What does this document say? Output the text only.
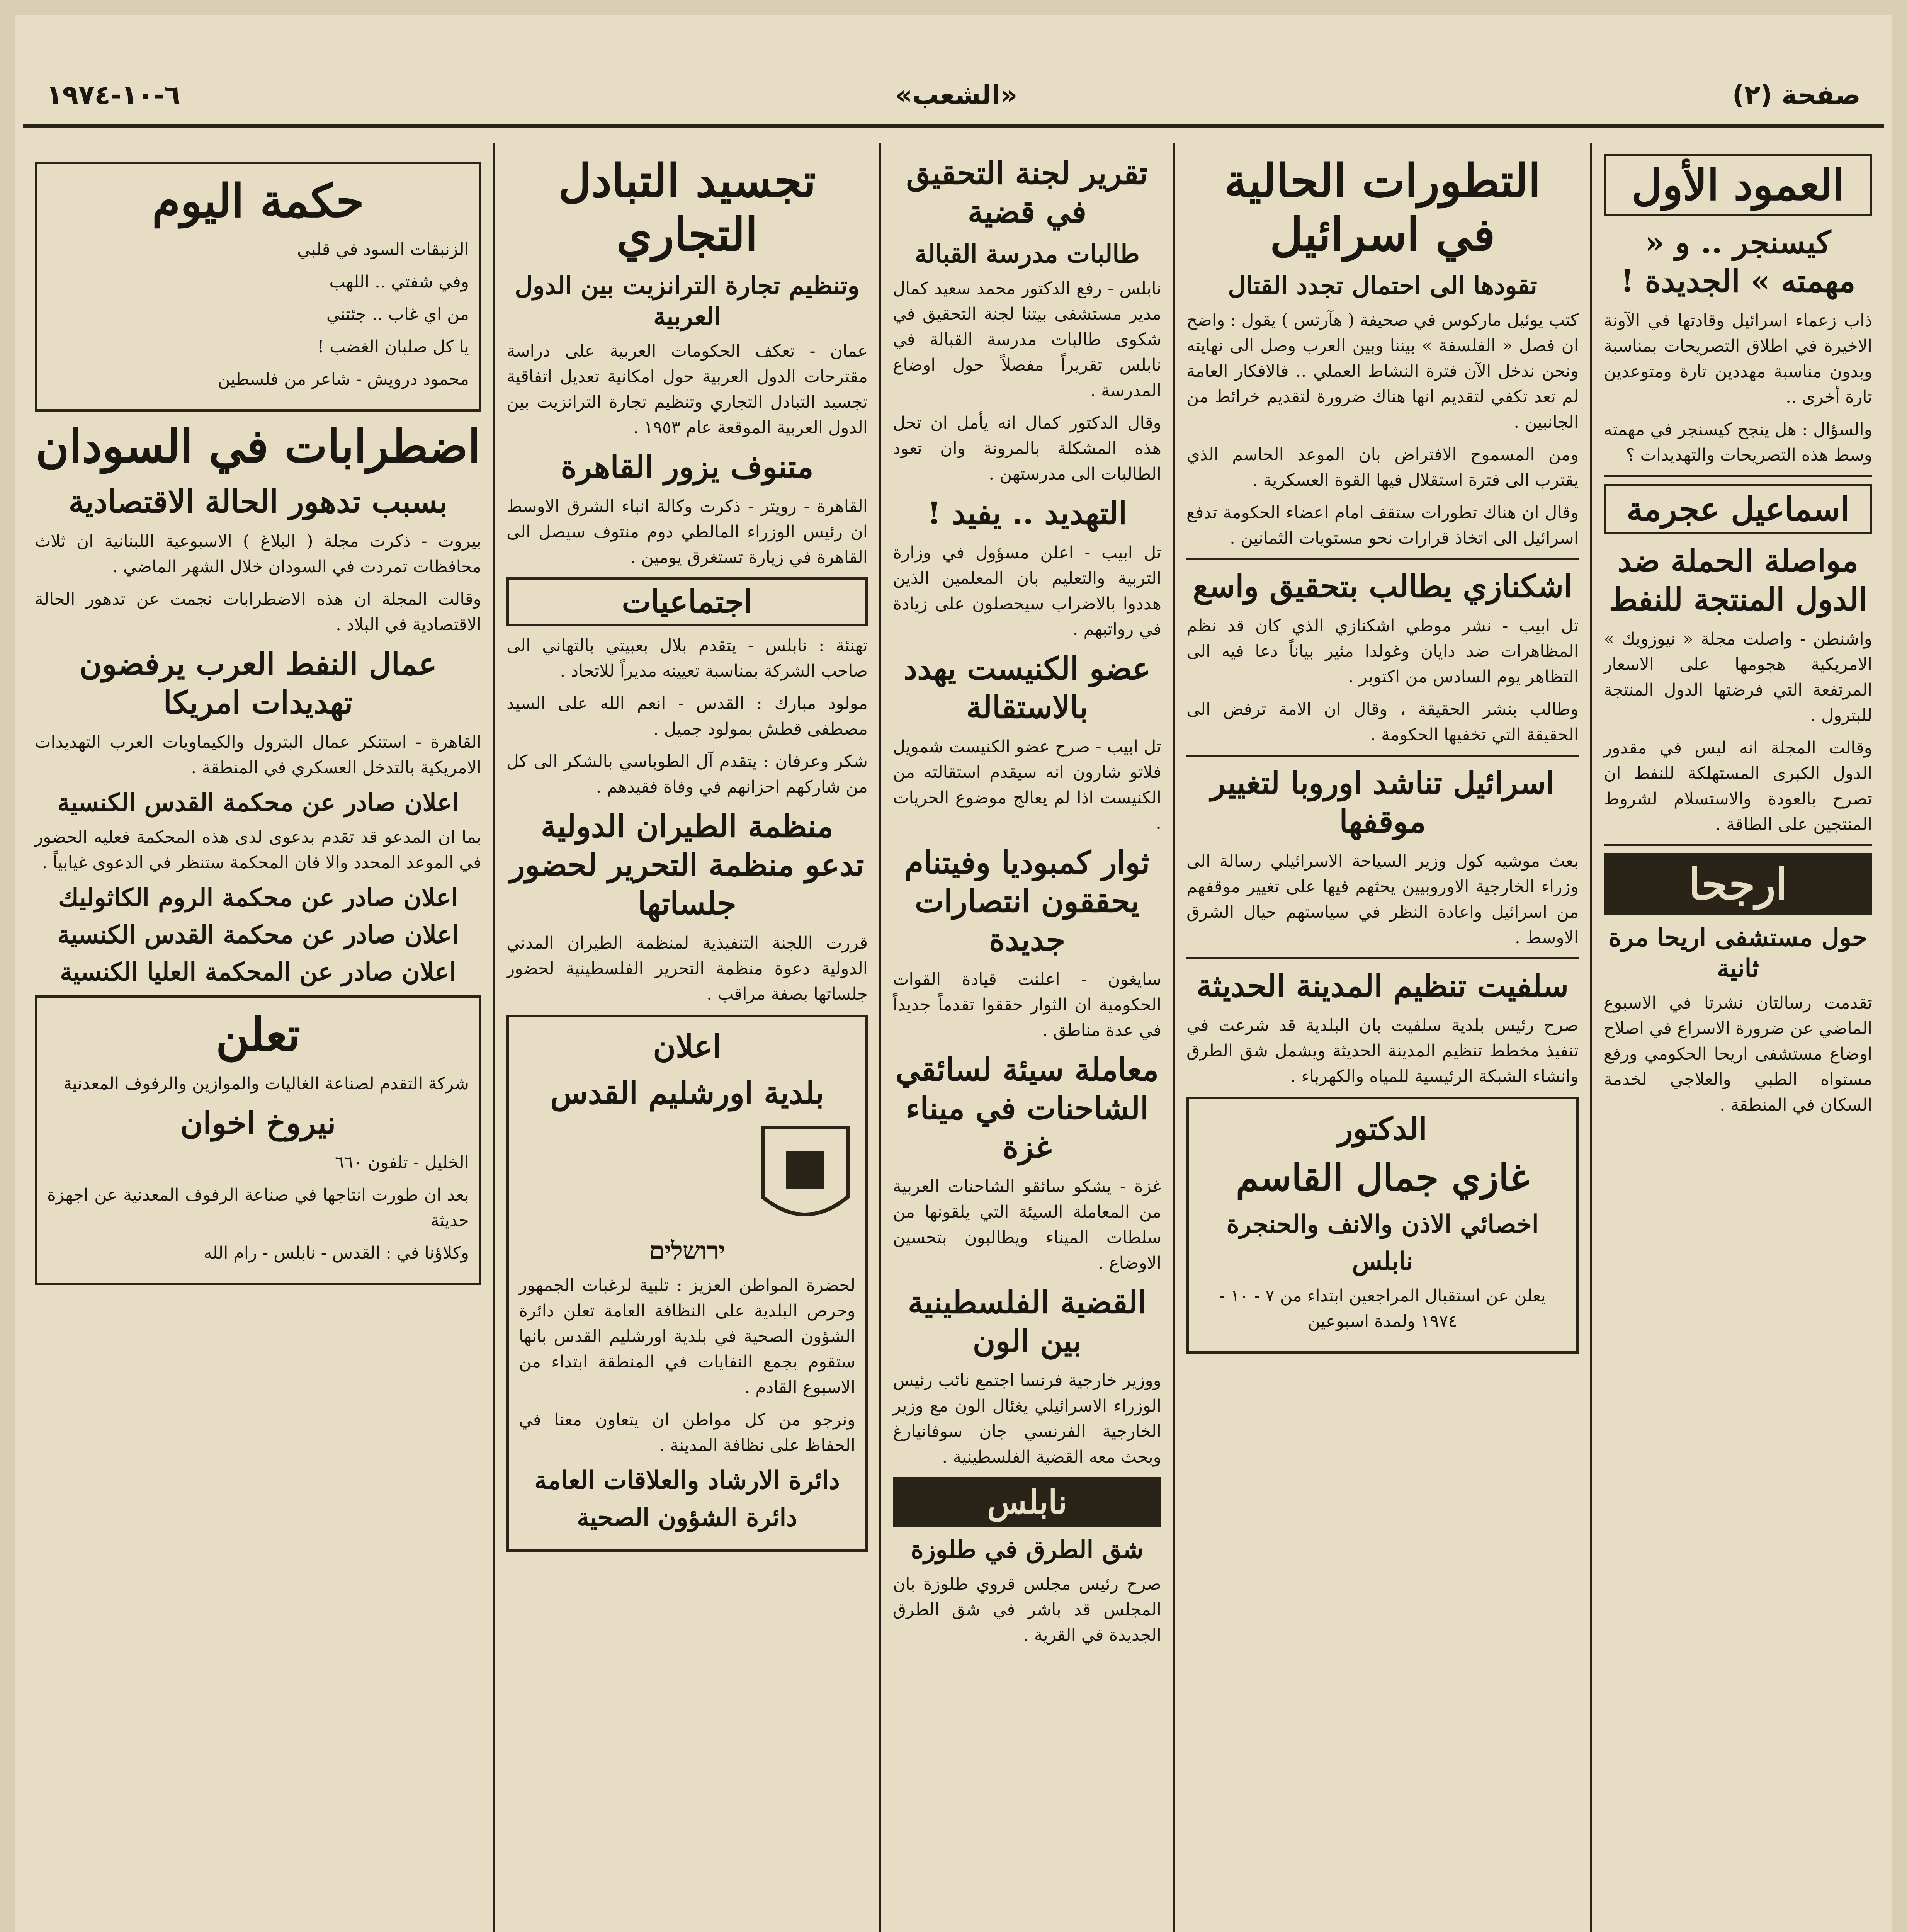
صفحة (٢)
«الشعب»
٦-١٠-١٩٧٤
العمود الأول
كيسنجر .. و « مهمته » الجديدة !

ذاب زعماء اسرائيل وقادتها في الآونة الاخيرة في اطلاق التصريحات بمناسبة وبدون مناسبة مهددين تارة ومتوعدين تارة أخرى ..

والسؤال : هل ينجح كيسنجر في مهمته وسط هذه التصريحات والتهديدات ؟

اسماعيل عجرمة
مواصلة الحملة ضد الدول المنتجة للنفط

واشنطن - واصلت مجلة « نيوزويك » الامريكية هجومها على الاسعار المرتفعة التي فرضتها الدول المنتجة للبترول .

وقالت المجلة انه ليس في مقدور الدول الكبرى المستهلكة للنفط ان تصرح بالعودة والاستسلام لشروط المنتجين على الطاقة .

ارجحا
حول مستشفى اريحا مرة ثانية

تقدمت رسالتان نشرتا في الاسبوع الماضي عن ضرورة الاسراع في اصلاح اوضاع مستشفى اريحا الحكومي ورفع مستواه الطبي والعلاجي لخدمة السكان في المنطقة .

التطورات الحالية في اسرائيل
تقودها الى احتمال تجدد القتال

كتب يوئيل ماركوس في صحيفة ( هآرتس ) يقول : واضح ان فصل « الفلسفة » بيننا وبين العرب وصل الى نهايته ونحن ندخل الآن فترة النشاط العملي .. فالافكار العامة لم تعد تكفي لتقديم انها هناك ضرورة لتقديم خرائط من الجانبين .

ومن المسموح الافتراض بان الموعد الحاسم الذي يقترب الى فترة استقلال فيها القوة العسكرية .

وقال ان هناك تطورات ستقف امام اعضاء الحكومة تدفع اسرائيل الى اتخاذ قرارات نحو مستويات الثمانين .

اشكنازي يطالب بتحقيق واسع

تل ابيب - نشر موطي اشكنازي الذي كان قد نظم المظاهرات ضد دايان وغولدا مئير بياناً دعا فيه الى التظاهر يوم السادس من اكتوبر .

وطالب بنشر الحقيقة ، وقال ان الامة ترفض الى الحقيقة التي تخفيها الحكومة .

اسرائيل تناشد اوروبا لتغيير موقفها

بعث موشيه كول وزير السياحة الاسرائيلي رسالة الى وزراء الخارجية الاوروبيين يحثهم فيها على تغيير موقفهم من اسرائيل واعادة النظر في سياستهم حيال الشرق الاوسط .

سلفيت تنظيم المدينة الحديثة

صرح رئيس بلدية سلفيت بان البلدية قد شرعت في تنفيذ مخطط تنظيم المدينة الحديثة ويشمل شق الطرق وانشاء الشبكة الرئيسية للمياه والكهرباء .

الدكتور
غازي جمال القاسم
اخصائي الاذن والانف والحنجرة
نابلس

يعلن عن استقبال المراجعين ابتداء من ٧ - ١٠ - ١٩٧٤ ولمدة اسبوعين

تقرير لجنة التحقيق في قضية
طالبات مدرسة القبالة

نابلس - رفع الدكتور محمد سعيد كمال مدير مستشفى بيتنا لجنة التحقيق في شكوى طالبات مدرسة القبالة في نابلس تقريراً مفصلاً حول اوضاع المدرسة .

وقال الدكتور كمال انه يأمل ان تحل هذه المشكلة بالمرونة وان تعود الطالبات الى مدرستهن .

التهديد .. يفيد !

تل ابيب - اعلن مسؤول في وزارة التربية والتعليم بان المعلمين الذين هددوا بالاضراب سيحصلون على زيادة في رواتبهم .

عضو الكنيست يهدد بالاستقالة

تل ابيب - صرح عضو الكنيست شمويل فلاتو شارون انه سيقدم استقالته من الكنيست اذا لم يعالج موضوع الحريات .

ثوار كمبوديا وفيتنام يحققون انتصارات جديدة

سايغون - اعلنت قيادة القوات الحكومية ان الثوار حققوا تقدماً جديداً في عدة مناطق .

معاملة سيئة لسائقي الشاحنات في ميناء غزة

غزة - يشكو سائقو الشاحنات العربية من المعاملة السيئة التي يلقونها من سلطات الميناء ويطالبون بتحسين الاوضاع .

القضية الفلسطينية بين الون

ووزير خارجية فرنسا اجتمع نائب رئيس الوزراء الاسرائيلي يغئال الون مع وزير الخارجية الفرنسي جان سوفانيارغ وبحث معه القضية الفلسطينية .

نابلس
شق الطرق في طلوزة

صرح رئيس مجلس قروي طلوزة بان المجلس قد باشر في شق الطرق الجديدة في القرية .

تجسيد التبادل التجاري
وتنظيم تجارة الترانزيت بين الدول العربية

عمان - تعكف الحكومات العربية على دراسة مقترحات الدول العربية حول امكانية تعديل اتفاقية تجسيد التبادل التجاري وتنظيم تجارة الترانزيت بين الدول العربية الموقعة عام ١٩٥٣ .

متنوف يزور القاهرة

القاهرة - رويتر - ذكرت وكالة انباء الشرق الاوسط ان رئيس الوزراء المالطي دوم منتوف سيصل الى القاهرة في زيارة تستغرق يومين .

اجتماعيات

تهنئة : نابلس - يتقدم بلال بعبيتي بالتهاني الى صاحب الشركة بمناسبة تعيينه مديراً للاتحاد .

مولود مبارك : القدس - انعم الله على السيد مصطفى قطش بمولود جميل .

شكر وعرفان : يتقدم آل الطوباسي بالشكر الى كل من شاركهم احزانهم في وفاة فقيدهم .

منظمة الطيران الدولية تدعو منظمة التحرير لحضور جلساتها

قررت اللجنة التنفيذية لمنظمة الطيران المدني الدولية دعوة منظمة التحرير الفلسطينية لحضور جلساتها بصفة مراقب .

اعلان
بلدية اورشليم القدس
ירושלים

لحضرة المواطن العزيز : تلبية لرغبات الجمهور وحرص البلدية على النظافة العامة تعلن دائرة الشؤون الصحية في بلدية اورشليم القدس بانها ستقوم بجمع النفايات في المنطقة ابتداء من الاسبوع القادم .

ونرجو من كل مواطن ان يتعاون معنا في الحفاظ على نظافة المدينة .

دائرة الارشاد والعلاقات العامة
دائرة الشؤون الصحية
حكمة اليوم

الزنبقات السود في قلبي

وفي شفتي .. اللهب

من اي غاب .. جئتني

يا كل صلبان الغضب !

محمود درويش - شاعر من فلسطين

اضطرابات في السودان
بسبب تدهور الحالة الاقتصادية

بيروت - ذكرت مجلة ( البلاغ ) الاسبوعية اللبنانية ان ثلاث محافظات تمردت في السودان خلال الشهر الماضي .

وقالت المجلة ان هذه الاضطرابات نجمت عن تدهور الحالة الاقتصادية في البلاد .

عمال النفط العرب يرفضون تهديدات امريكا

القاهرة - استنكر عمال البترول والكيماويات العرب التهديدات الامريكية بالتدخل العسكري في المنطقة .

اعلان صادر عن محكمة القدس الكنسية

بما ان المدعو قد تقدم بدعوى لدى هذه المحكمة فعليه الحضور في الموعد المحدد والا فان المحكمة ستنظر في الدعوى غيابياً .

اعلان صادر عن محكمة الروم الكاثوليك
اعلان صادر عن محكمة القدس الكنسية
اعلان صادر عن المحكمة العليا الكنسية
تعلن

شركة التقدم لصناعة الغاليات والموازين والرفوف المعدنية

نيروخ اخوان

الخليل - تلفون ٦٦٠

بعد ان طورت انتاجها في صناعة الرفوف المعدنية عن اجهزة حديثة

وكلاؤنا في : القدس - نابلس - رام الله
